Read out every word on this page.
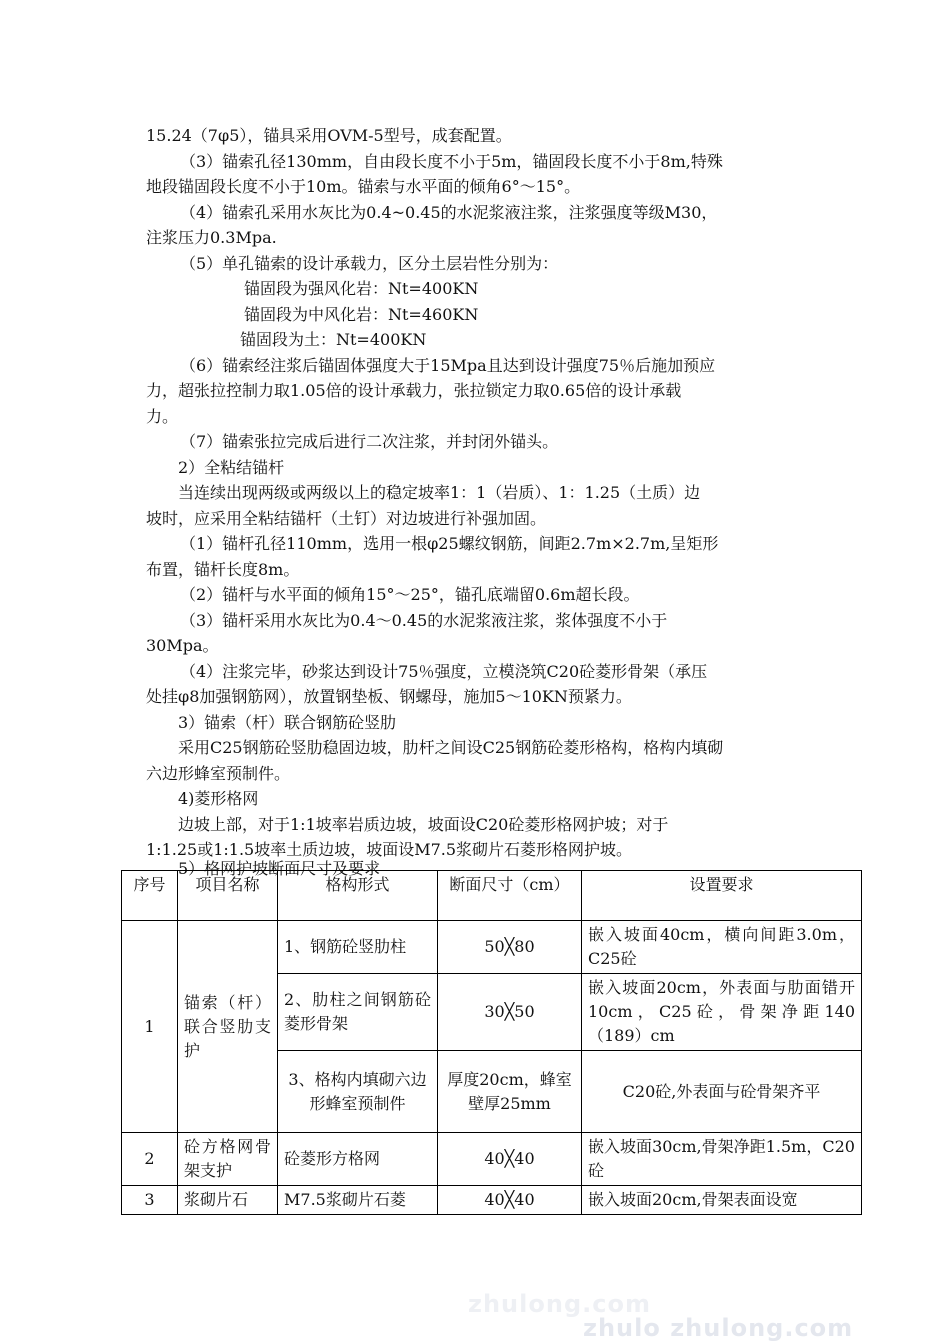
15.24（7φ5），锚具采用OVM-5型号，成套配置。
（3）锚索孔径130mm，自由段长度不小于5m，锚固段长度不小于8m,特殊
地段锚固段长度不小于10m。锚索与水平面的倾角6°～15°。
（4）锚索孔采用水灰比为0.4~0.45的水泥浆液注浆，注浆强度等级M30，
注浆压力0.3Mpa.
（5）单孔锚索的设计承载力，区分土层岩性分别为：
锚固段为强风化岩：Nt=400KN
锚固段为中风化岩：Nt=460KN
锚固段为土：Nt=400KN
（6）锚索经注浆后锚固体强度大于15Mpa且达到设计强度75％后施加预应
力，超张拉控制力取1.05倍的设计承载力，张拉锁定力取0.65倍的设计承载
力。
（7）锚索张拉完成后进行二次注浆，并封闭外锚头。
2）全粘结锚杆
当连续出现两级或两级以上的稳定坡率1：1（岩质）、1：1.25（土质）边
坡时，应采用全粘结锚杆（土钉）对边坡进行补强加固。
（1）锚杆孔径110mm，选用一根φ25螺纹钢筋，间距2.7m×2.7m,呈矩形
布置，锚杆长度8m。
（2）锚杆与水平面的倾角15°～25°，锚孔底端留0.6m超长段。
（3）锚杆采用水灰比为0.4～0.45的水泥浆液注浆，浆体强度不小于
30Mpa。
（4）注浆完毕，砂浆达到设计75％强度，立模浇筑C20砼菱形骨架（承压
处挂φ8加强钢筋网），放置钢垫板、钢螺母，施加5～10KN预紧力。
3）锚索（杆）联合钢筋砼竖肋
采用C25钢筋砼竖肋稳固边坡，肋杆之间设C25钢筋砼菱形格构，格构内填砌
六边形蜂室预制件。
4)菱形格网
边坡上部，对于1:1坡率岩质边坡，坡面设C20砼菱形格网护坡；对于
1:1.25或1:1.5坡率土质边坡，坡面设M7.5浆砌片石菱形格网护坡。
5）格网护坡断面尺寸及要求
序号	项目名称	格构形式	断面尺寸（cm）	设置要求
1	锚索（杆）联合竖肋支护	1、钢筋砼竖肋柱	50╳80	嵌入坡面40cm，横向间距3.0m，C25砼
		2、肋柱之间钢筋砼菱形骨架	30╳50	嵌入坡面20cm，外表面与肋面错开10cm，C25砼，骨架净距140（189）cm
		3、格构内填砌六边形蜂室预制件	厚度20cm，蜂室壁厚25mm	C20砼,外表面与砼骨架齐平
2	砼方格网骨架支护	砼菱形方格网	40╳40	嵌入坡面30cm,骨架净距1.5m，C20砼
3	浆砌片石	M7.5浆砌片石菱	40╳40	嵌入坡面20cm,骨架表面设宽
zhulong.com
zhulo zhulong.com
